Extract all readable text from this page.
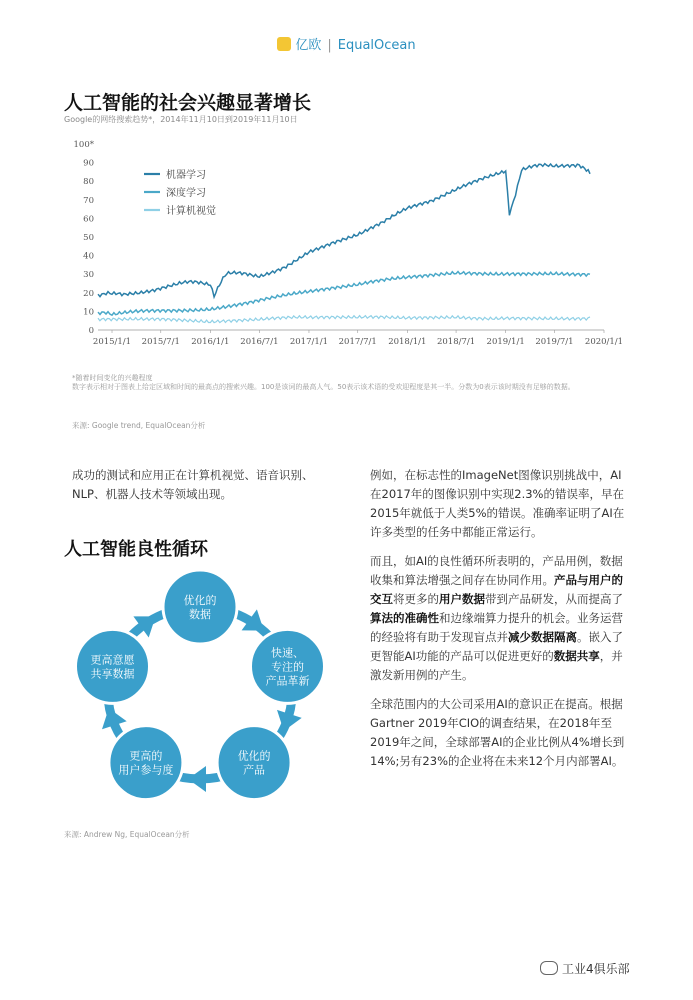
亿欧 | EqualOcean
人工智能的社会兴趣显著增长
Google的网络搜索趋势*，2014年11月10日到2019年11月10日
0
10
20
30
40
50
60
70
80
90
100*
2015/1/1 2015/7/1 2016/1/1 2016/7/1 2017/1/1 2017/7/1 2018/1/1 2018/7/1 2019/1/1 2019/7/1 2020/1/1
机器学习
深度学习
计算机视觉
*随着时间变化的兴趣程度
数字表示相对于图表上给定区域和时间的最高点的搜索兴趣。100是该词的最高人气。50表示该术语的受欢迎程度是其一半。分数为0表示该时期没有足够的数据。
来源: Google trend, EqualOcean分析
成功的测试和应用正在计算机视觉、语音识别、NLP、机器人技术等领域出现。
人工智能良性循环
优化的
数据
快速、
专注的
产品革新
优化的
产品
更高的
用户参与度
更高意愿
共享数据
来源: Andrew Ng, EqualOcean分析

例如，在标志性的ImageNet图像识别挑战中，AI在2017年的图像识别中实现2.3%的错误率，早在2015年就低于人类5%的错误。准确率证明了AI在许多类型的任务中都能正常运行。

而且，如AI的良性循环所表明的，产品用例，数据收集和算法增强之间存在协同作用。产品与用户的交互将更多的用户数据带到产品研发，从而提高了算法的准确性和边缘端算力提升的机会。业务运营的经验将有助于发现盲点并减少数据隔离。嵌入了更智能AI功能的产品可以促进更好的数据共享，并激发新用例的产生。

全球范围内的大公司采用AI的意识正在提高。根据Gartner 2019年CIO的调查结果，在2018年至2019年之间，全球部署AI的企业比例从4%增长到14%;另有23%的企业将在未来12个月内部署AI。

工业4俱乐部
